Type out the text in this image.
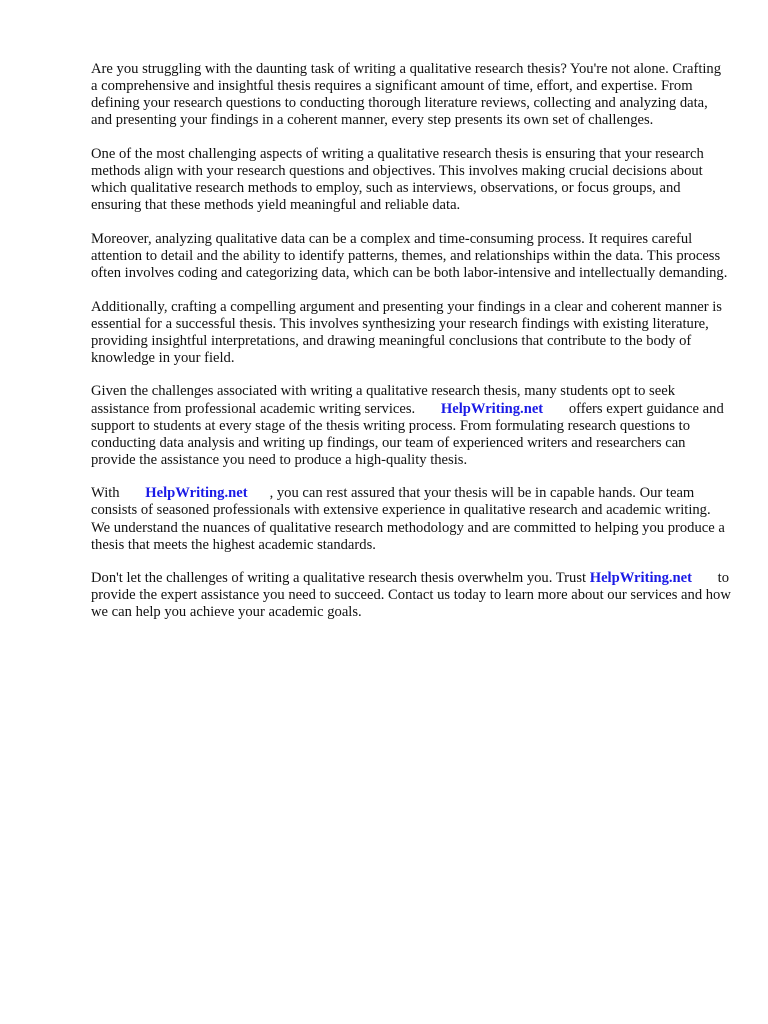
Are you struggling with the daunting task of writing a qualitative research thesis? You're not alone. Crafting a comprehensive and insightful thesis requires a significant amount of time, effort, and expertise. From defining your research questions to conducting thorough literature reviews, collecting and analyzing data, and presenting your findings in a coherent manner, every step presents its own set of challenges.

One of the most challenging aspects of writing a qualitative research thesis is ensuring that your research methods align with your research questions and objectives. This involves making crucial decisions about which qualitative research methods to employ, such as interviews, observations, or focus groups, and ensuring that these methods yield meaningful and reliable data.

Moreover, analyzing qualitative data can be a complex and time-consuming process. It requires careful attention to detail and the ability to identify patterns, themes, and relationships within the data. This process often involves coding and categorizing data, which can be both labor-intensive and intellectually demanding.

Additionally, crafting a compelling argument and presenting your findings in a clear and coherent manner is essential for a successful thesis. This involves synthesizing your research findings with existing literature, providing insightful interpretations, and drawing meaningful conclusions that contribute to the body of knowledge in your field.

Given the challenges associated with writing a qualitative research thesis, many students opt to seek assistance from professional academic writing services. HelpWriting.net offers expert guidance and support to students at every stage of the thesis writing process. From formulating research questions to conducting data analysis and writing up findings, our team of experienced writers and researchers can provide the assistance you need to produce a high-quality thesis.

With HelpWriting.net , you can rest assured that your thesis will be in capable hands. Our team consists of seasoned professionals with extensive experience in qualitative research and academic writing. We understand the nuances of qualitative research methodology and are committed to helping you produce a thesis that meets the highest academic standards.

Don't let the challenges of writing a qualitative research thesis overwhelm you. Trust HelpWriting.net to provide the expert assistance you need to succeed. Contact us today to learn more about our services and how we can help you achieve your academic goals.
